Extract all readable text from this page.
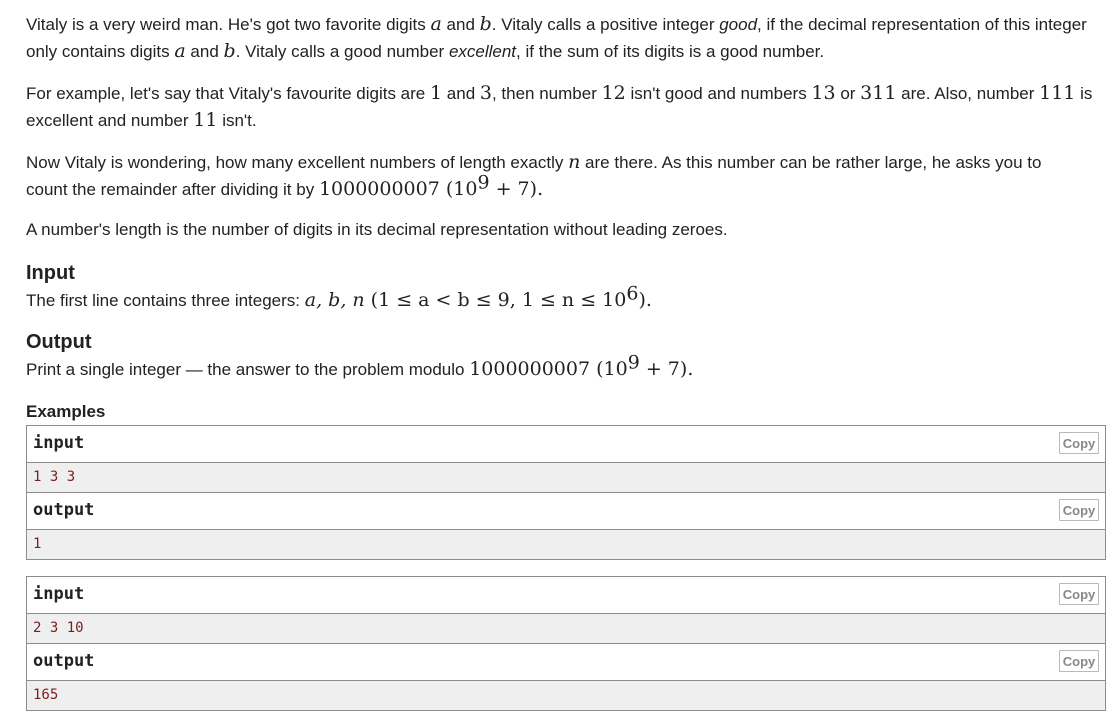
Vitaly is a very weird man. He's got two favorite digits a and b. Vitaly calls a positive integer good, if the decimal representation of this integer only contains digits a and b. Vitaly calls a good number excellent, if the sum of its digits is a good number.

For example, let's say that Vitaly's favourite digits are 1 and 3, then number 12 isn't good and numbers 13 or 311 are. Also, number 111 is excellent and number 11 isn't.

Now Vitaly is wondering, how many excellent numbers of length exactly n are there. As this number can be rather large, he asks you to count the remainder after dividing it by 1000000007 $(10^9 + 7)$.

A number's length is the number of digits in its decimal representation without leading zeroes.

Input

The first line contains three integers: a, b, n (1 ≤ a < b ≤ 9, $1 \le n \le 10^6$).

Output

Print a single integer — the answer to the problem modulo 1000000007 $(10^9 + 7)$.

Examples
input	Copy
1 3 3
output	Copy
1
input	Copy
2 3 10
output	Copy
165
